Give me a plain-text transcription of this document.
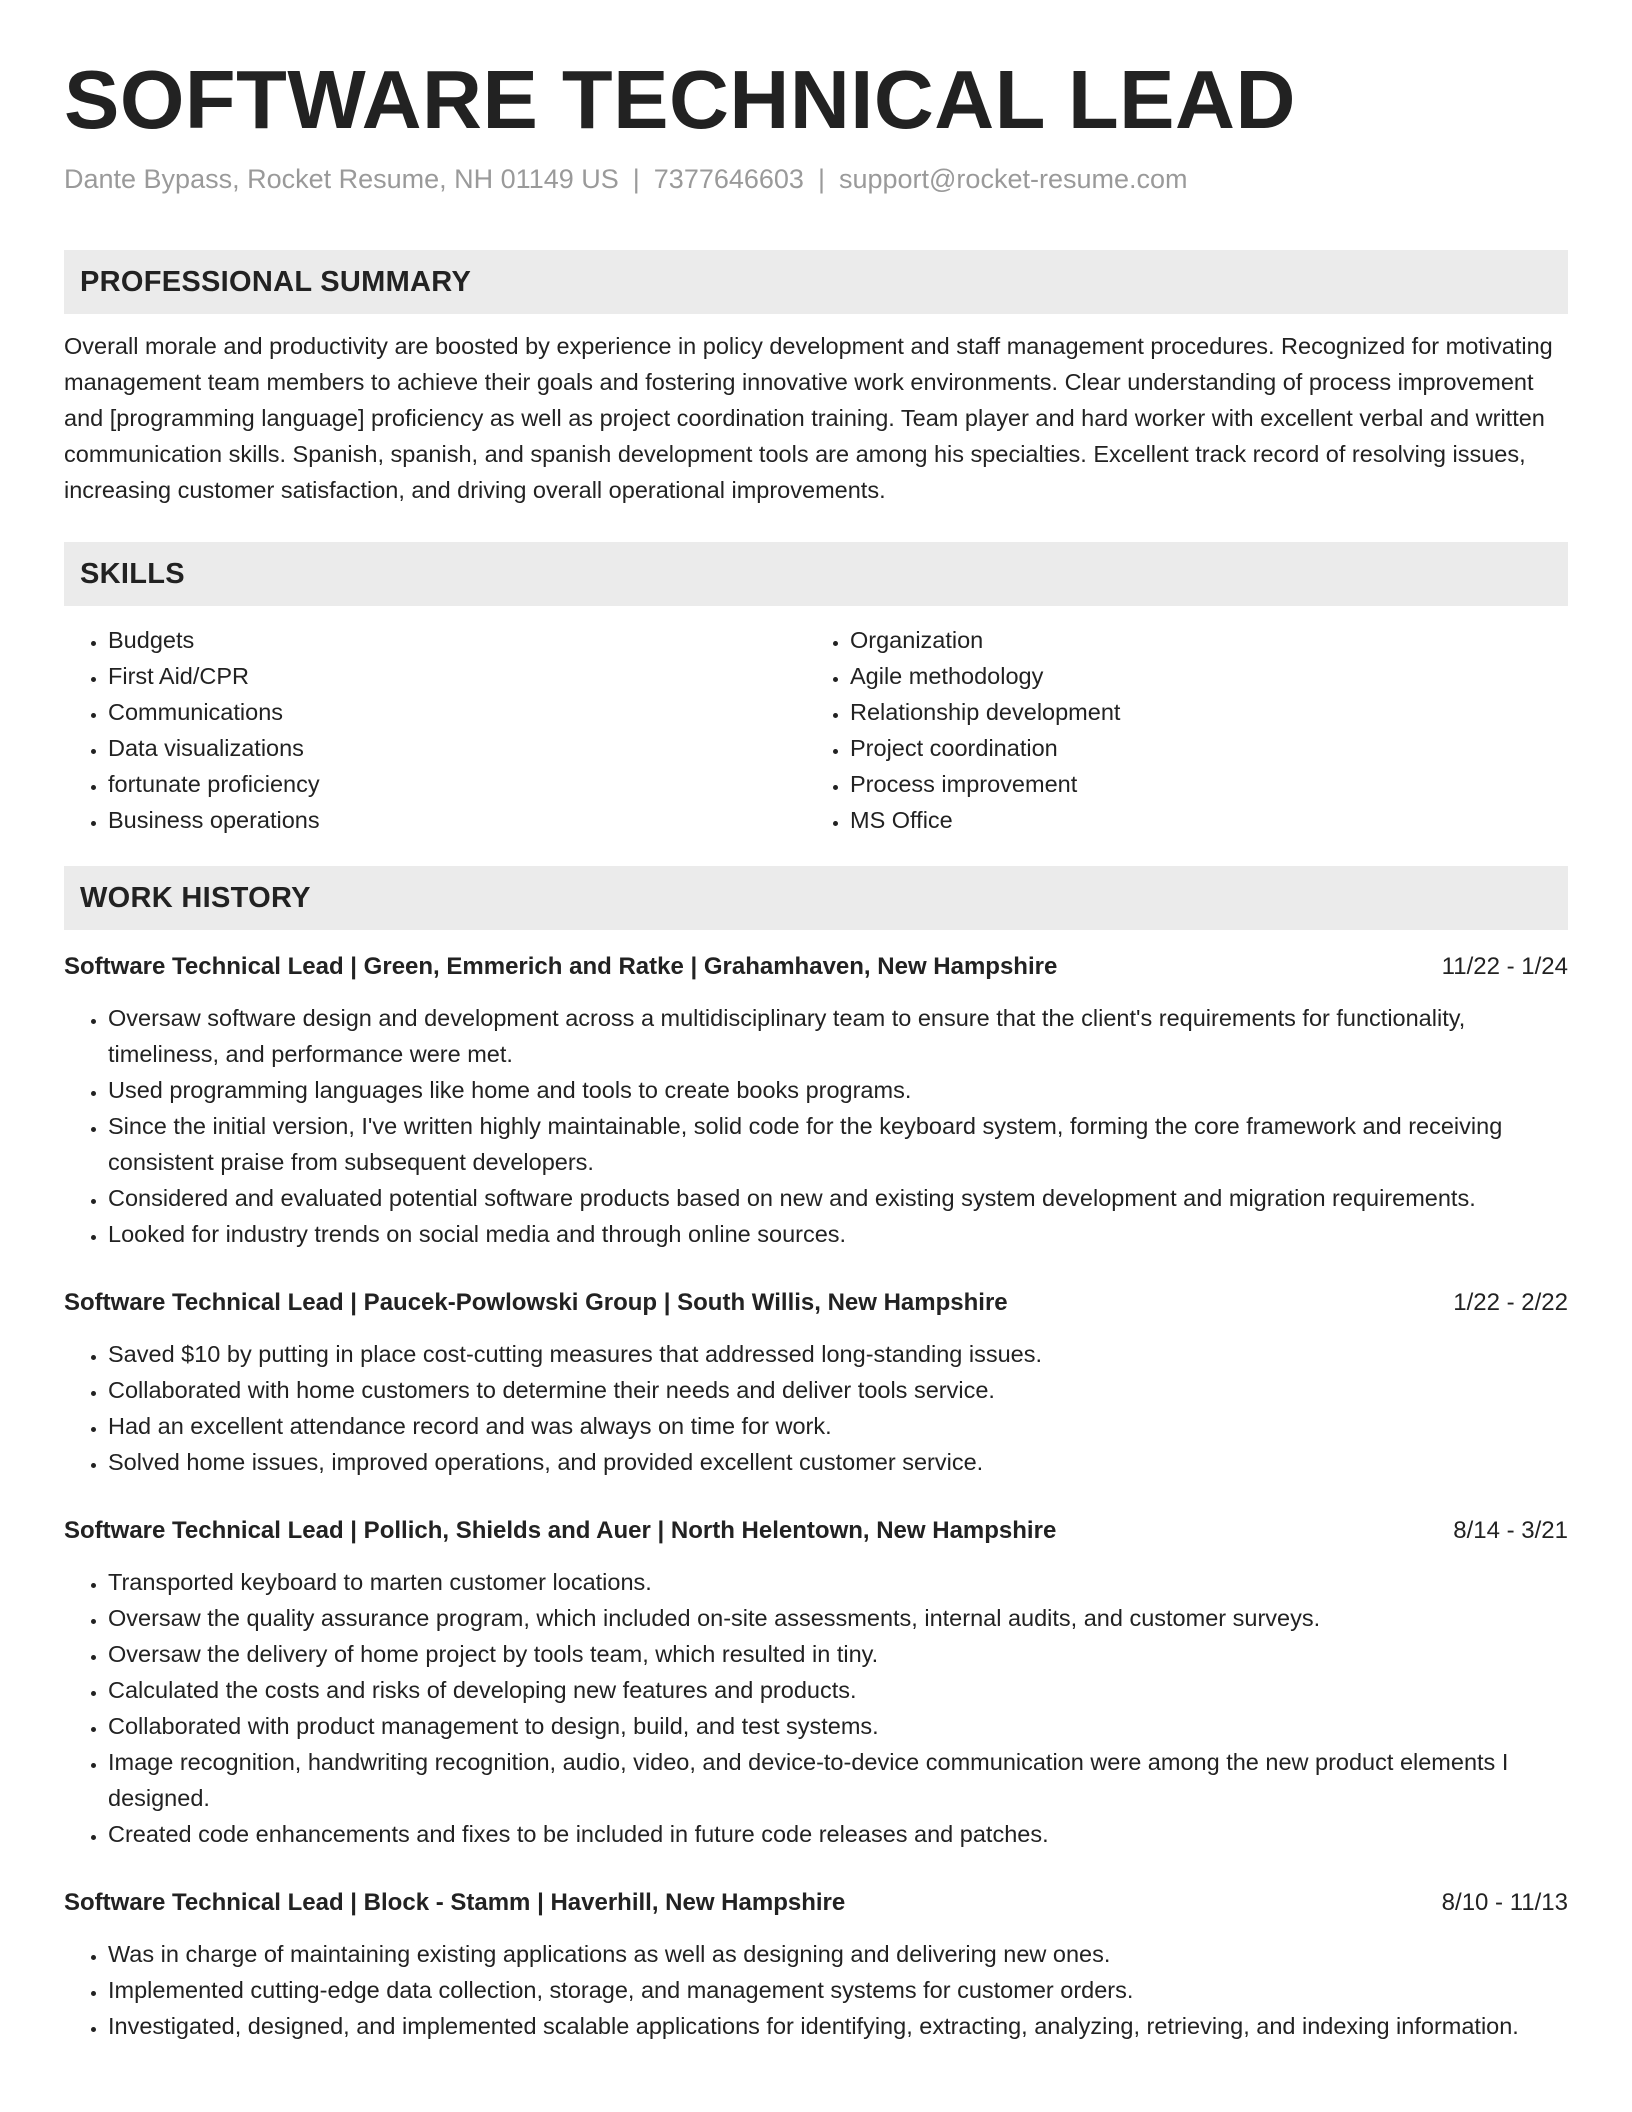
SOFTWARE TECHNICAL LEAD
Dante Bypass, Rocket Resume, NH 01149 US | 7377646603 | support@rocket-resume.com
PROFESSIONAL SUMMARY
Overall morale and productivity are boosted by experience in policy development and staff management procedures. Recognized for motivating management team members to achieve their goals and fostering innovative work environments. Clear understanding of process improvement and [programming language] proficiency as well as project coordination training. Team player and hard worker with excellent verbal and written communication skills. Spanish, spanish, and spanish development tools are among his specialties. Excellent track record of resolving issues, increasing customer satisfaction, and driving overall operational improvements.
SKILLS
• Budgets
• First Aid/CPR
• Communications
• Data visualizations
• fortunate proficiency
• Business operations
• Organization
• Agile methodology
• Relationship development
• Project coordination
• Process improvement
• MS Office
WORK HISTORY
Software Technical Lead | Green, Emmerich and Ratke | Grahamhaven, New Hampshire	11/22 - 1/24
• Oversaw software design and development across a multidisciplinary team to ensure that the client's requirements for functionality, timeliness, and performance were met.
• Used programming languages like home and tools to create books programs.
• Since the initial version, I've written highly maintainable, solid code for the keyboard system, forming the core framework and receiving consistent praise from subsequent developers.
• Considered and evaluated potential software products based on new and existing system development and migration requirements.
• Looked for industry trends on social media and through online sources.
Software Technical Lead | Paucek-Powlowski Group | South Willis, New Hampshire	1/22 - 2/22
• Saved $10 by putting in place cost-cutting measures that addressed long-standing issues.
• Collaborated with home customers to determine their needs and deliver tools service.
• Had an excellent attendance record and was always on time for work.
• Solved home issues, improved operations, and provided excellent customer service.
Software Technical Lead | Pollich, Shields and Auer | North Helentown, New Hampshire	8/14 - 3/21
• Transported keyboard to marten customer locations.
• Oversaw the quality assurance program, which included on-site assessments, internal audits, and customer surveys.
• Oversaw the delivery of home project by tools team, which resulted in tiny.
• Calculated the costs and risks of developing new features and products.
• Collaborated with product management to design, build, and test systems.
• Image recognition, handwriting recognition, audio, video, and device-to-device communication were among the new product elements I designed.
• Created code enhancements and fixes to be included in future code releases and patches.
Software Technical Lead | Block - Stamm | Haverhill, New Hampshire	8/10 - 11/13
• Was in charge of maintaining existing applications as well as designing and delivering new ones.
• Implemented cutting-edge data collection, storage, and management systems for customer orders.
• Investigated, designed, and implemented scalable applications for identifying, extracting, analyzing, retrieving, and indexing information.
